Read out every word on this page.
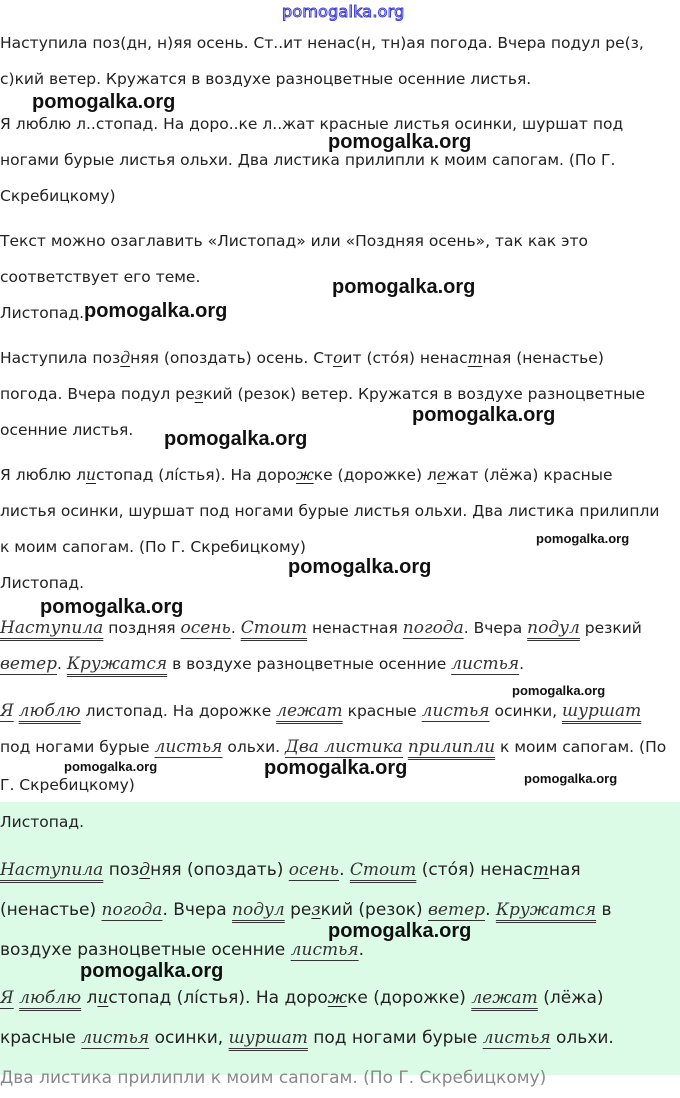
pomogalka.org

Наступила поз(дн, н)яя осень. Ст..ит ненас(н, тн)ая погода. Вчера подул ре(з,

с)кий ветер. Кружатся в воздухе разноцветные осенние листья.

Я люблю л..стопад. На доро..ке л..жат красные листья осинки, шуршат под

ногами бурые листья ольхи. Два листика прилипли к моим сапогам. (По Г.

Скребицкому)

Текст можно озаглавить «Листопад» или «Поздняя осень», так как это

соответствует его теме.

Листопад.

Наступила поздняя (опоздать) осень. Стоит (стóя) ненастная (ненастье)

погода. Вчера подул резкий (резок) ветер. Кружатся в воздухе разноцветные

осенние листья.

Я люблю листопад (лíстья). На дорожке (дорожке) лежат (лёжа) красные

листья осинки, шуршат под ногами бурые листья ольхи. Два листика прилипли

к моим сапогам. (По Г. Скребицкому)

Листопад.

Наступила поздняя осень. Стоит ненастная погода. Вчера подул резкий

ветер. Кружатся в воздухе разноцветные осенние листья.

Я люблю листопад. На дорожке лежат красные листья осинки, шуршат

под ногами бурые листья ольхи. Два листика прилипли к моим сапогам. (По

Г. Скребицкому)

Листопад.

Наступила поздняя (опоздать) осень. Стоит (стóя) ненастная

(ненастье) погода. Вчера подул резкий (резок) ветер. Кружатся в

воздухе разноцветные осенние листья.

Я люблю листопад (лíстья). На дорожке (дорожке) лежат (лёжа)

красные листья осинки, шуршат под ногами бурые листья ольхи.

Два листика прилипли к моим сапогам. (По Г. Скребицкому)

pomogalka.org
pomogalka.org
pomogalka.org
pomogalka.org
pomogalka.org
pomogalka.org
pomogalka.org
pomogalka.org
pomogalka.org
pomogalka.org
pomogalka.org	pomogalka.org	pomogalka.org
pomogalka.org
pomogalka.org
